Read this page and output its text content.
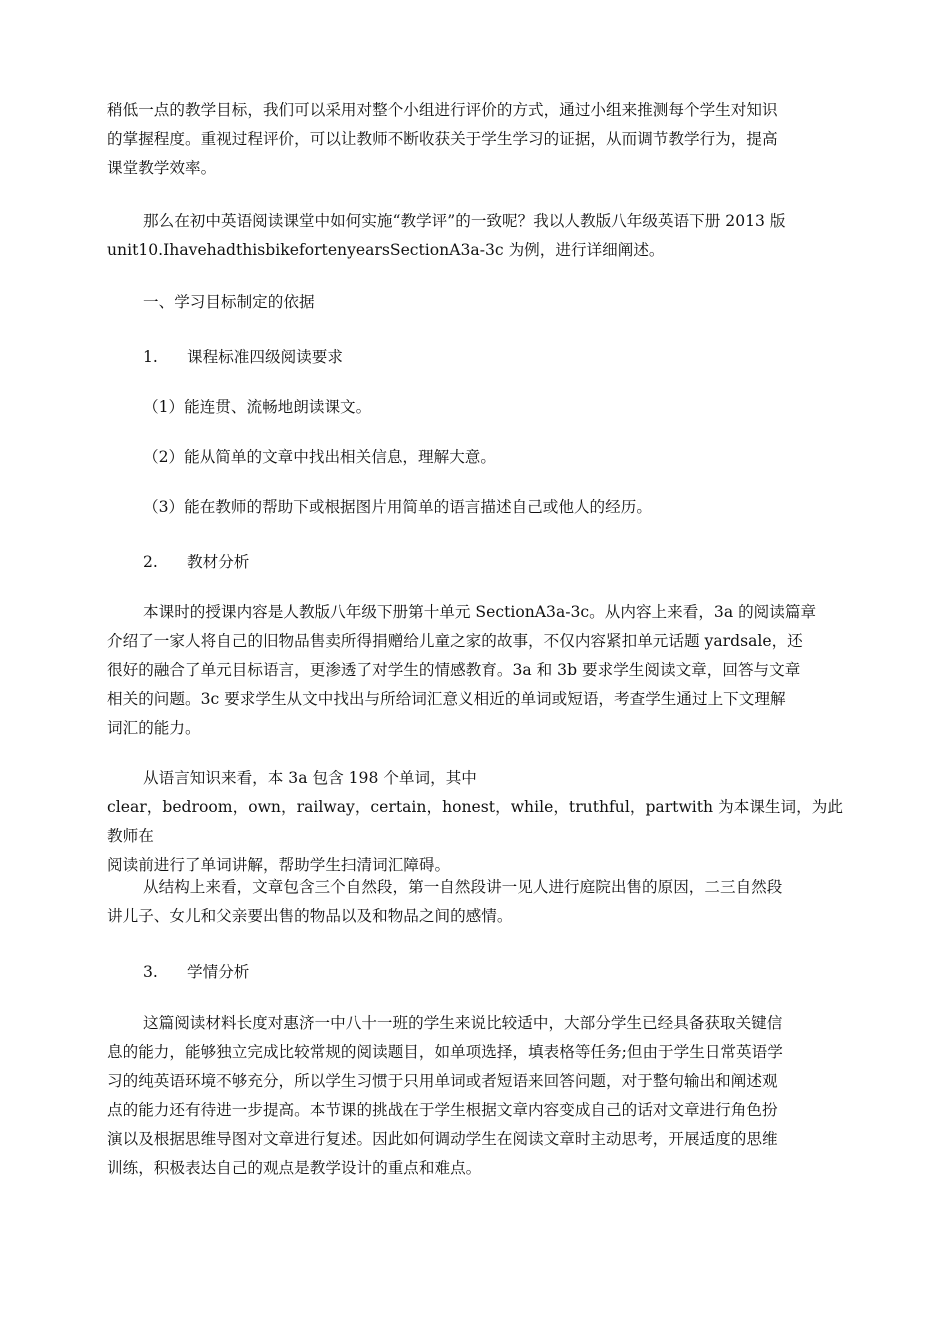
稍低一点的教学目标，我们可以采用对整个小组进行评价的方式，通过小组来推测每个学生对知识
的掌握程度。重视过程评价，可以让教师不断收获关于学生学习的证据，从而调节教学行为，提高
课堂教学效率。
那么在初中英语阅读课堂中如何实施“教学评”的一致呢？我以人教版八年级英语下册 2013 版
unit10.IhavehadthisbikefortenyearsSectionA3a-3c 为例，进行详细阐述。
一、学习目标制定的依据
1. 课程标准四级阅读要求
（1）能连贯、流畅地朗读课文。
（2）能从简单的文章中找出相关信息，理解大意。
（3）能在教师的帮助下或根据图片用简单的语言描述自己或他人的经历。
2. 教材分析
本课时的授课内容是人教版八年级下册第十单元 SectionA3a-3c。从内容上来看，3a 的阅读篇章
介绍了一家人将自己的旧物品售卖所得捐赠给儿童之家的故事，不仅内容紧扣单元话题 yardsale，还
很好的融合了单元目标语言，更渗透了对学生的情感教育。3a 和 3b 要求学生阅读文章，回答与文章
相关的问题。3c 要求学生从文中找出与所给词汇意义相近的单词或短语，考查学生通过上下文理解
词汇的能力。
从语言知识来看，本 3a 包含 198 个单词，其中
clear，bedroom，own，railway，certain，honest，while，truthful，partwith 为本课生词，为此教师在
阅读前进行了单词讲解，帮助学生扫清词汇障碍。
从结构上来看，文章包含三个自然段，第一自然段讲一见人进行庭院出售的原因，二三自然段
讲儿子、女儿和父亲要出售的物品以及和物品之间的感情。
3. 学情分析
这篇阅读材料长度对惠济一中八十一班的学生来说比较适中，大部分学生已经具备获取关键信
息的能力，能够独立完成比较常规的阅读题目，如单项选择，填表格等任务;但由于学生日常英语学
习的纯英语环境不够充分，所以学生习惯于只用单词或者短语来回答问题，对于整句输出和阐述观
点的能力还有待进一步提高。本节课的挑战在于学生根据文章内容变成自己的话对文章进行角色扮
演以及根据思维导图对文章进行复述。因此如何调动学生在阅读文章时主动思考，开展适度的思维
训练，积极表达自己的观点是教学设计的重点和难点。
